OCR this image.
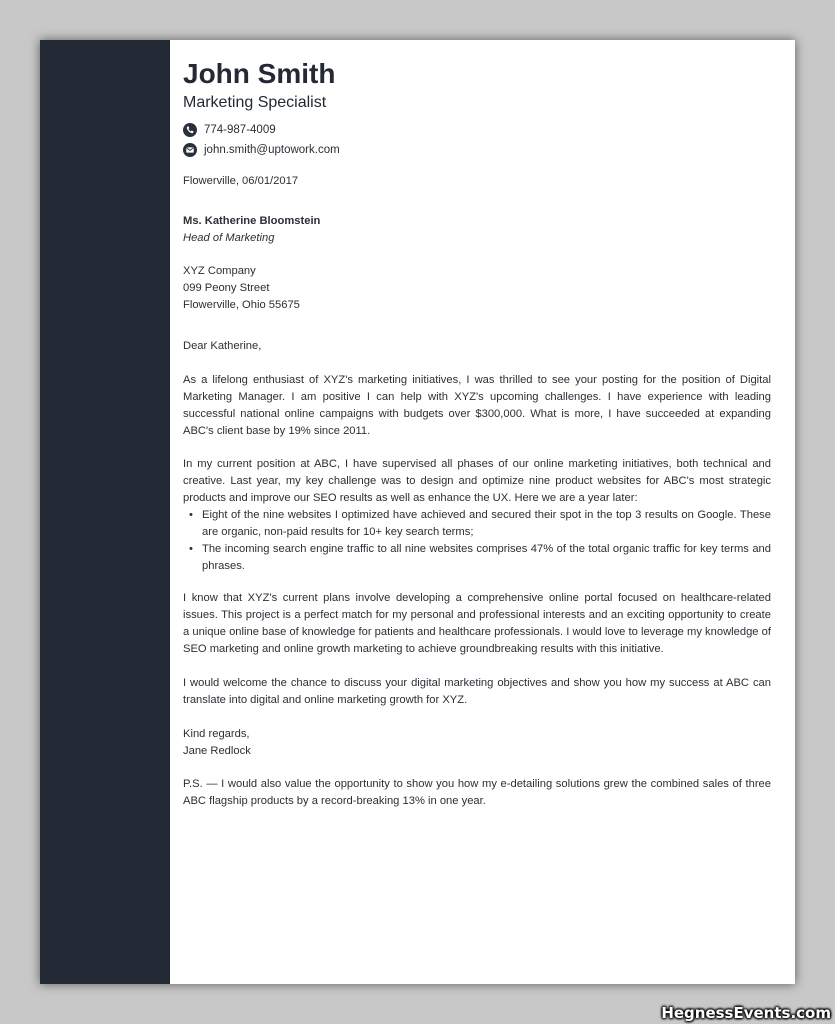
John Smith
Marketing Specialist
774-987-4009
john.smith@uptowork.com

Flowerville, 06/01/2017

Ms. Katherine Bloomstein

Head of Marketing

XYZ Company

099 Peony Street

Flowerville, Ohio 55675

Dear Katherine,

As a lifelong enthusiast of XYZ's marketing initiatives, I was thrilled to see your posting for the position of Digital Marketing Manager. I am positive I can help with XYZ's upcoming challenges. I have experience with leading successful national online campaigns with budgets over $300,000. What is more, I have succeeded at expanding ABC's client base by 19% since 2011.

In my current position at ABC, I have supervised all phases of our online marketing initiatives, both technical and creative. Last year, my key challenge was to design and optimize nine product websites for ABC's most strategic products and improve our SEO results as well as enhance the UX. Here we are a year later:

• Eight of the nine websites I optimized have achieved and secured their spot in the top 3 results on Google. These are organic, non-paid results for 10+ key search terms;
• The incoming search engine traffic to all nine websites comprises 47% of the total organic traffic for key terms and phrases.

I know that XYZ's current plans involve developing a comprehensive online portal focused on healthcare-related issues. This project is a perfect match for my personal and professional interests and an exciting opportunity to create a unique online base of knowledge for patients and healthcare professionals. I would love to leverage my knowledge of SEO marketing and online growth marketing to achieve groundbreaking results with this initiative.

I would welcome the chance to discuss your digital marketing objectives and show you how my success at ABC can translate into digital and online marketing growth for XYZ.

Kind regards,

Jane Redlock

P.S. — I would also value the opportunity to show you how my e-detailing solutions grew the combined sales of three ABC flagship products by a record-breaking 13% in one year.

HegnessEvents.com
